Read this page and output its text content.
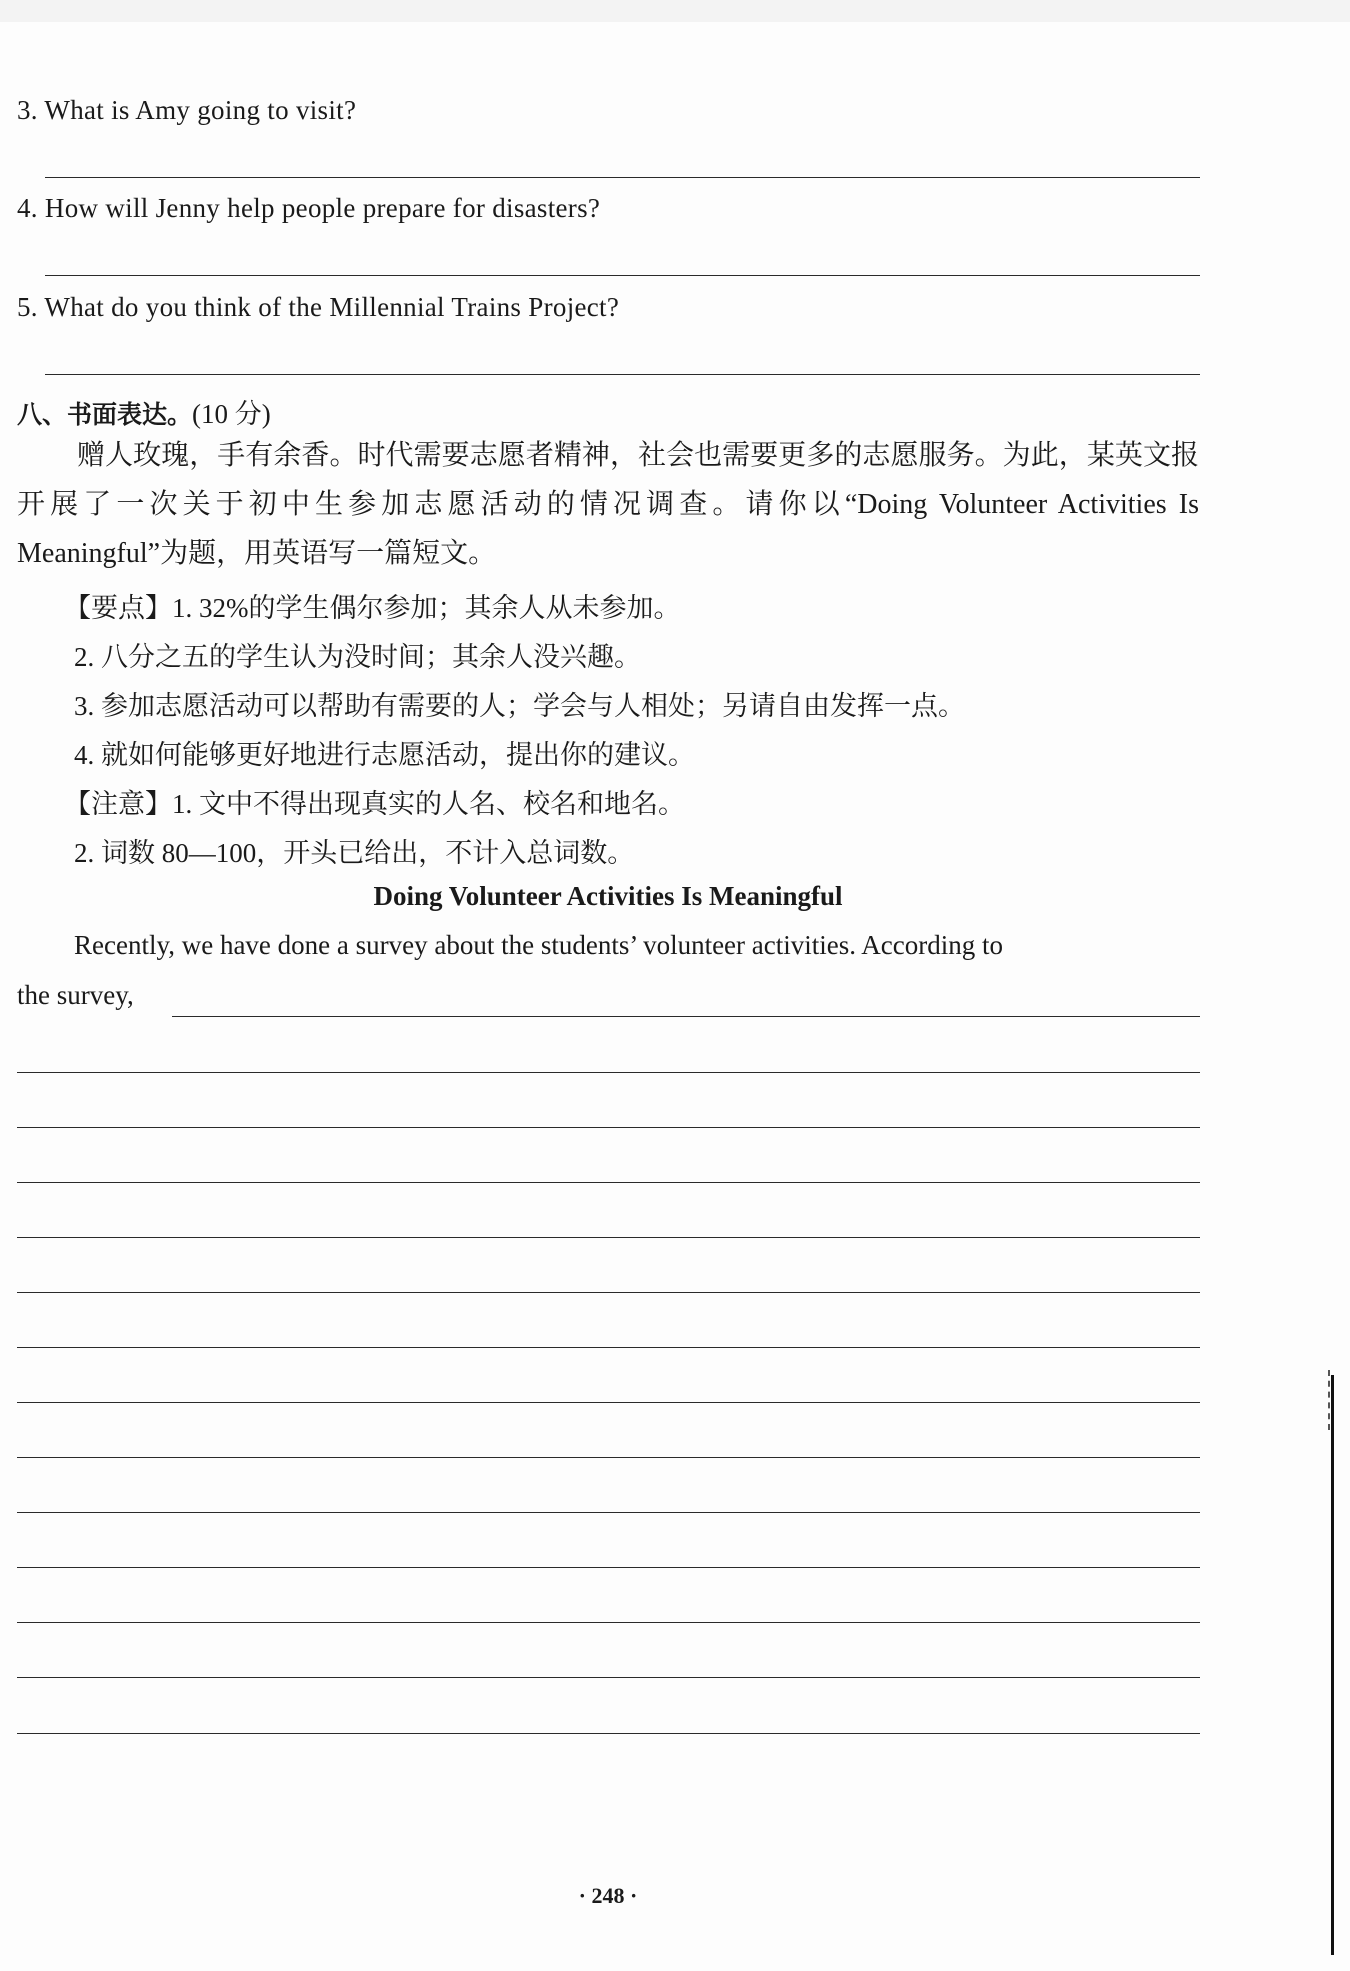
3. What is Amy going to visit?
4. How will Jenny help people prepare for disasters?
5. What do you think of the Millennial Trains Project?
八、书面表达。(10 分)
赠人玫瑰，手有余香。时代需要志愿者精神，社会也需要更多的志愿服务。为此，某英文报开展了一次关于初中生参加志愿活动的情况调查。请你以“Doing Volunteer Activities Is Meaningful”为题，用英语写一篇短文。
【要点】1. 32%的学生偶尔参加；其余人从未参加。
2. 八分之五的学生认为没时间；其余人没兴趣。
3. 参加志愿活动可以帮助有需要的人；学会与人相处；另请自由发挥一点。
4. 就如何能够更好地进行志愿活动，提出你的建议。
【注意】1. 文中不得出现真实的人名、校名和地名。
2. 词数 80—100，开头已给出，不计入总词数。
Doing Volunteer Activities Is Meaningful
Recently, we have done a survey about the students’ volunteer activities. According to
the survey,
· 248 ·
